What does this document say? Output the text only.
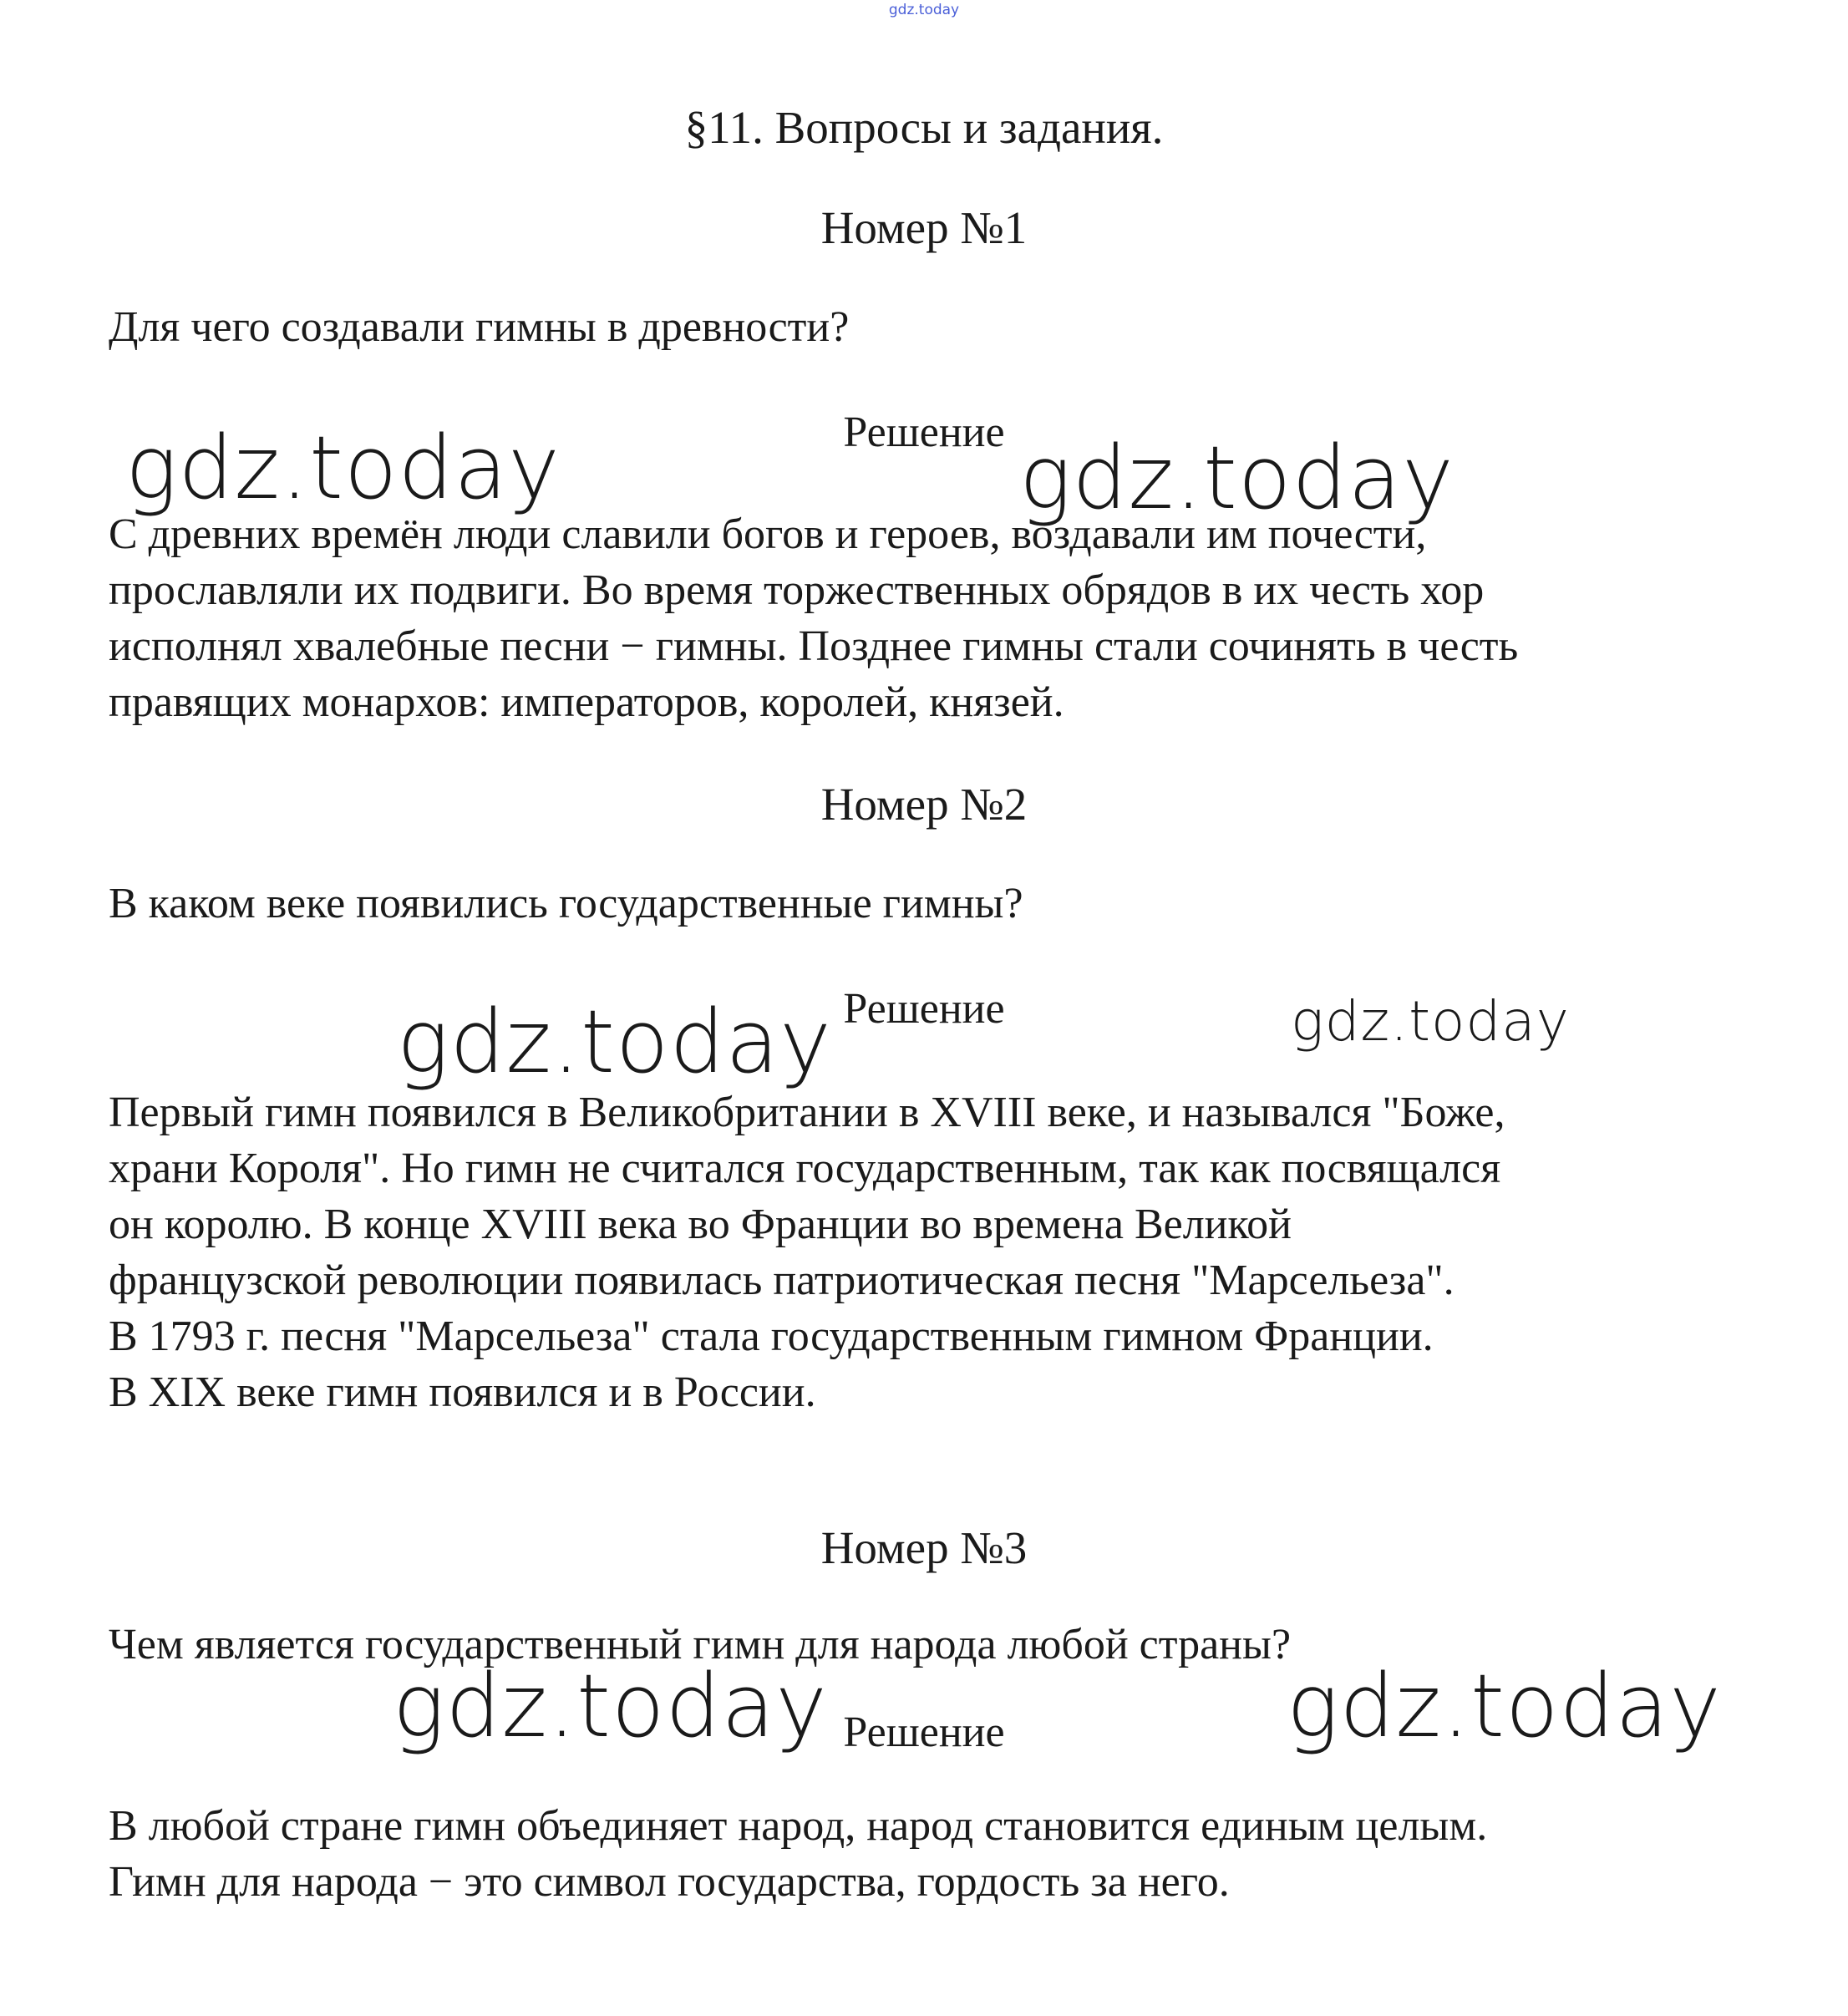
gdz.today
§11. Вопросы и задания.
Номер №1
Для чего создавали гимны в древности?
Решение
С древних времён люди славили богов и героев, воздавали им почести,
прославляли их подвиги. Во время торжественных обрядов в их честь хор
исполнял хвалебные песни − гимны. Позднее гимны стали сочинять в честь
правящих монархов: императоров, королей, князей.
Номер №2
В каком веке появились государственные гимны?
Решение
Первый гимн появился в Великобритании в XVIII веке, и назывался "Боже,
храни Короля". Но гимн не считался государственным, так как посвящался
он королю. В конце XVIII века во Франции во времена Великой
французской революции появилась патриотическая песня "Марсельеза".
В 1793 г. песня "Марсельеза" стала государственным гимном Франции.
В XIX веке гимн появился и в России.
Номер №3
Чем является государственный гимн для народа любой страны?
Решение
В любой стране гимн объединяет народ, народ становится единым целым.
Гимн для народа − это символ государства, гордость за него.
gdz.today	gdz.today
gdz.today	gdz.today
gdz.today	gdz.today
